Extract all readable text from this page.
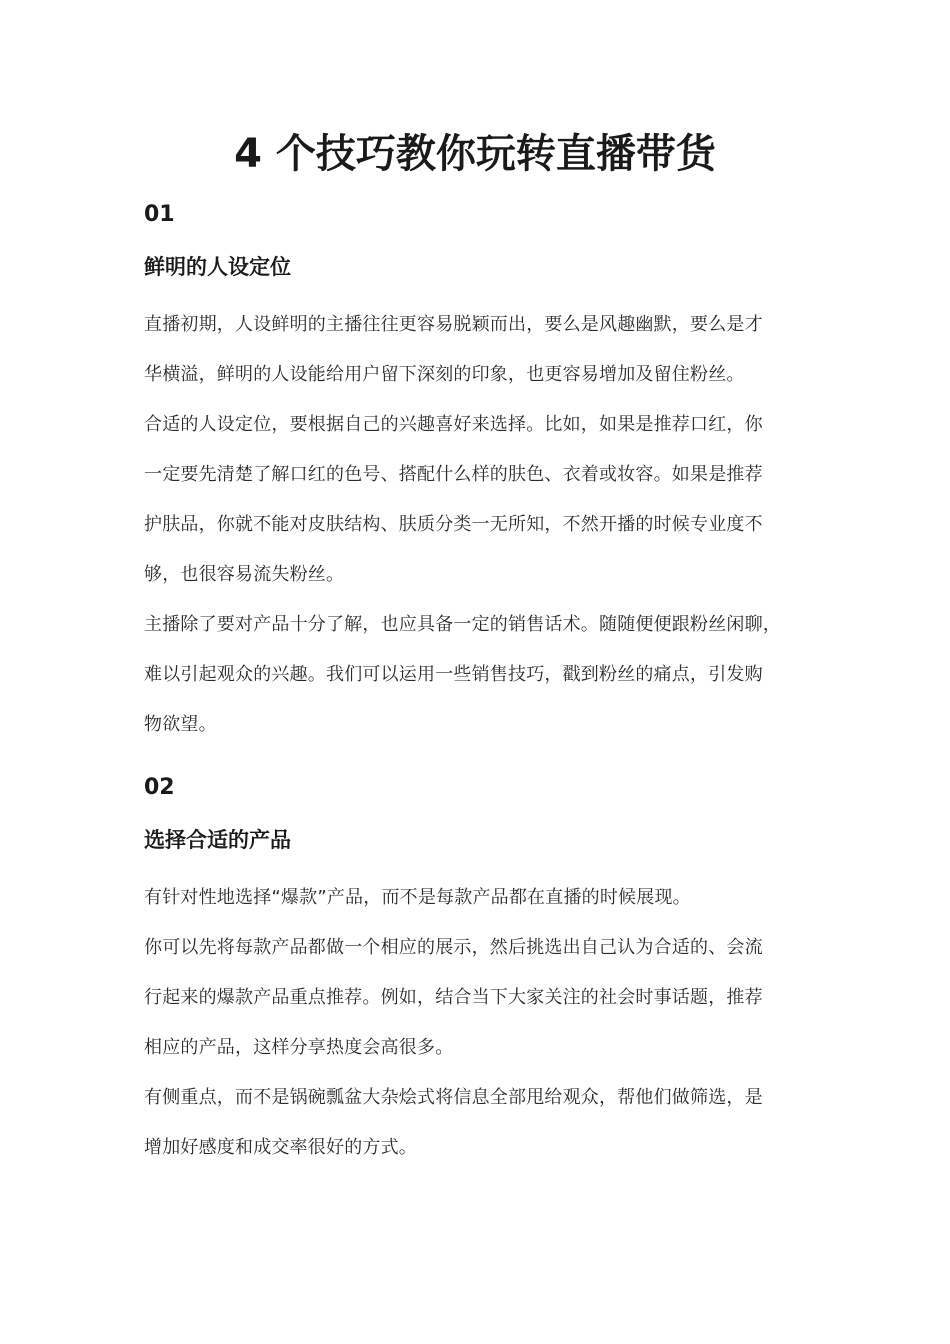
4 个技巧教你玩转直播带货
01
鲜明的人设定位

直播初期，人设鲜明的主播往往更容易脱颖而出，要么是风趣幽默，要么是才
华横溢，鲜明的人设能给用户留下深刻的印象，也更容易增加及留住粉丝。

合适的人设定位，要根据自己的兴趣喜好来选择。比如，如果是推荐口红，你
一定要先清楚了解口红的色号、搭配什么样的肤色、衣着或妆容。如果是推荐
护肤品，你就不能对皮肤结构、肤质分类一无所知，不然开播的时候专业度不
够，也很容易流失粉丝。

主播除了要对产品十分了解，也应具备一定的销售话术。随随便便跟粉丝闲聊，
难以引起观众的兴趣。我们可以运用一些销售技巧，戳到粉丝的痛点，引发购
物欲望。

02
选择合适的产品

有针对性地选择“爆款”产品，而不是每款产品都在直播的时候展现。

你可以先将每款产品都做一个相应的展示，然后挑选出自己认为合适的、会流
行起来的爆款产品重点推荐。例如，结合当下大家关注的社会时事话题，推荐
相应的产品，这样分享热度会高很多。

有侧重点，而不是锅碗瓢盆大杂烩式将信息全部甩给观众，帮他们做筛选，是
增加好感度和成交率很好的方式。
